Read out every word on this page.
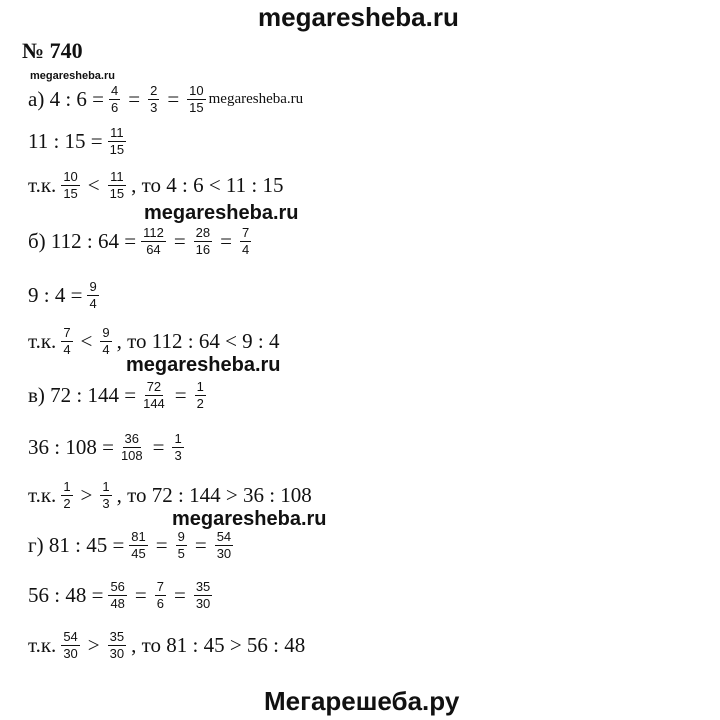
megaresheba.ru
№ 740
megaresheba.ru
а) 4 : $6 = \frac{4}{6} = \frac{2}{3} = \frac{10}{15}$ megaresheba.ru
11 : $15 = \frac{11}{15}$
т.к. $\frac{10}{15} < \frac{11}{15}$ , то 4 : 6 < 11 : 15
megaresheba.ru
б) 112 : $64 = \frac{112}{64} = \frac{28}{16} = \frac{7}{4}$
9 : $4 = \frac{9}{4}$
т.к. $\frac{7}{4} < \frac{9}{4}$ , то 112 : 64 < 9 : 4
megaresheba.ru
в) 72 : $144 = \frac{72}{144} = \frac{1}{2}$
36 : $108 = \frac{36}{108} = \frac{1}{3}$
т.к. $\frac{1}{2} > \frac{1}{3}$ , то 72 : 144 > 36 : 108
megaresheba.ru
г) 81 : $45 = \frac{81}{45} = \frac{9}{5} = \frac{54}{30}$
56 : $48 = \frac{56}{48} = \frac{7}{6} = \frac{35}{30}$
т.к. $\frac{54}{30} > \frac{35}{30}$ , то 81 : 45 > 56 : 48
Мегарешеба.ру
